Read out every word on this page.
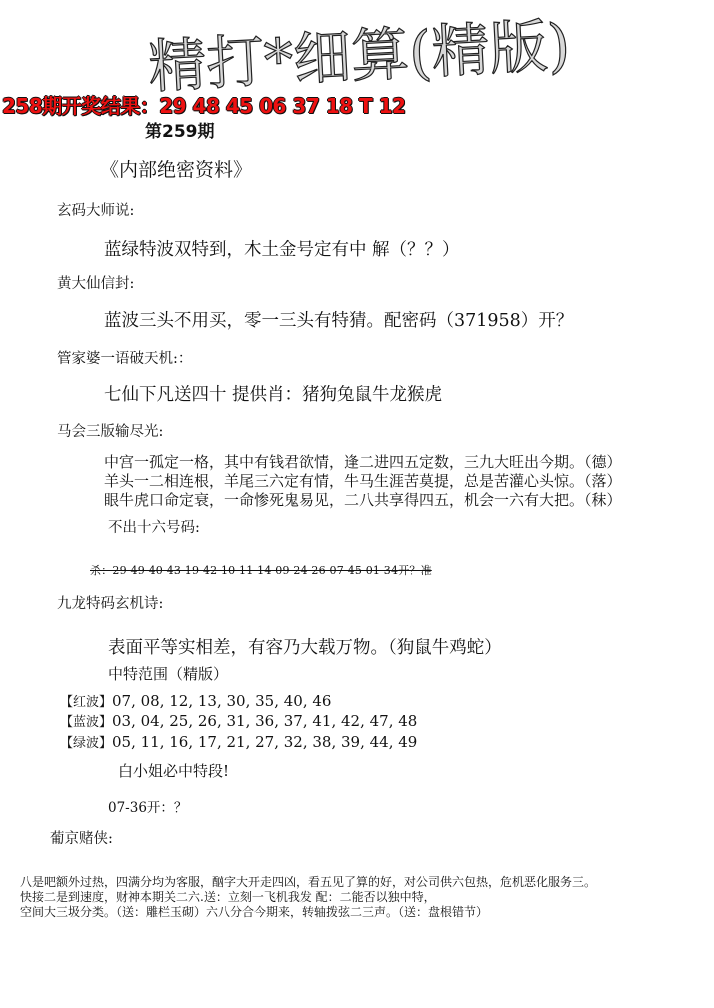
精打*细算(精版)
258期开奖结果：29 48 45 06 37 18 T 12
第259期
《内部绝密资料》
玄码大师说:
蓝绿特波双特到，木土金号定有中 解（？？）
黄大仙信封:
蓝波三头不用买，零一三头有特猜。配密码（371958）开？
管家婆一语破天机:：
七仙下凡送四十 提供肖：猪狗兔鼠牛龙猴虎
马会三版输尽光:
中宫一孤定一格，其中有钱君欲情，逢二进四五定数，三九大旺出今期。（德）
羊头一二相连根，羊尾三六定有情，牛马生涯苦莫提，总是苦灌心头惊。（落）
眼牛虎口命定衰，一命惨死鬼易见，二八共享得四五，机会一六有大把。（秣）
不出十六号码:
杀：29 49 40 43 19 42 10 11 14 09 24 26 07 45 01 34开？准
九龙特码玄机诗:
表面平等实相差，有容乃大载万物。（狗鼠牛鸡蛇）
中特范围（精版）
【红波】07, 08, 12, 13, 30, 35, 40, 46
【蓝波】03, 04, 25, 26, 31, 36, 37, 41, 42, 47, 48
【绿波】05, 11, 16, 17, 21, 27, 32, 38, 39, 44, 49
白小姐必中特段!
07-36开：？
葡京赌侠:
八是吧额外过热，四满分均为客服，酗字大开走四凶，看五见了算的好，对公司供六包热，危机恶化服务三。
快接二是到速度，财神本期关二六.送：立刻一飞机我发 配：二能否以独中特，
空间大三圾分类。（送：雕栏玉砌）六八分合今期来，转轴拨弦二三声。（送：盘根错节）
